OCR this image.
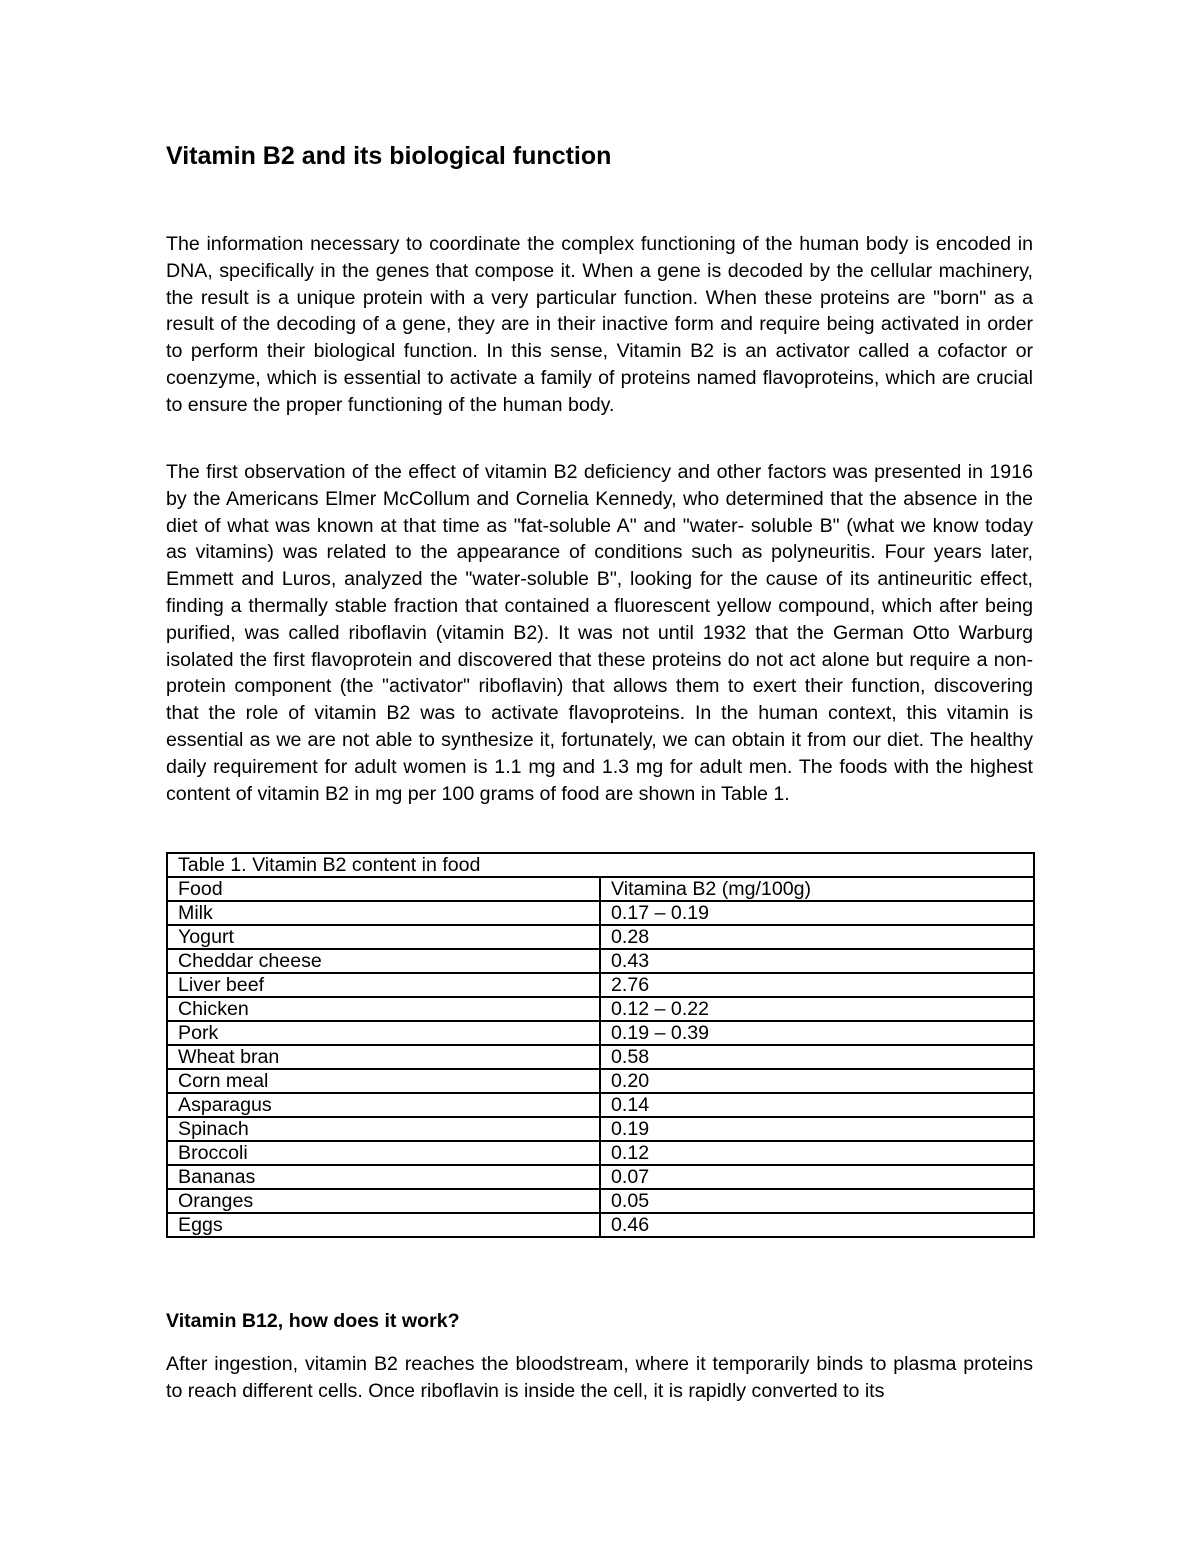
Vitamin B2 and its biological function

The information necessary to coordinate the complex functioning of the human body is encoded in DNA, specifically in the genes that compose it. When a gene is decoded by the cellular machinery, the result is a unique protein with a very particular function. When these proteins are "born" as a result of the decoding of a gene, they are in their inactive form and require being activated in order to perform their biological function. In this sense, Vitamin B2 is an activator called a cofactor or coenzyme, which is essential to activate a family of proteins named flavoproteins, which are crucial to ensure the proper functioning of the human body.

The first observation of the effect of vitamin B2 deficiency and other factors was presented in 1916 by the Americans Elmer McCollum and Cornelia Kennedy, who determined that the absence in the diet of what was known at that time as "fat-soluble A" and "water- soluble B" (what we know today as vitamins) was related to the appearance of conditions such as polyneuritis. Four years later, Emmett and Luros, analyzed the "water-soluble B", looking for the cause of its antineuritic effect, finding a thermally stable fraction that contained a fluorescent yellow compound, which after being purified, was called riboflavin (vitamin B2). It was not until 1932 that the German Otto Warburg isolated the first flavoprotein and discovered that these proteins do not act alone but require a non-protein component (the "activator" riboflavin) that allows them to exert their function, discovering that the role of vitamin B2 was to activate flavoproteins. In the human context, this vitamin is essential as we are not able to synthesize it, fortunately, we can obtain it from our diet. The healthy daily requirement for adult women is 1.1 mg and 1.3 mg for adult men. The foods with the highest content of vitamin B2 in mg per 100 grams of food are shown in Table 1.

Table 1. Vitamin B2 content in food	
Food	Vitamina B2 (mg/100g)
Milk	0.17 – 0.19
Yogurt	0.28
Cheddar cheese	0.43
Liver beef	2.76
Chicken	0.12 – 0.22
Pork	0.19 – 0.39
Wheat bran	0.58
Corn meal	0.20
Asparagus	0.14
Spinach	0.19
Broccoli	0.12
Bananas	0.07
Oranges	0.05
Eggs	0.46
Vitamin B12, how does it work?

After ingestion, vitamin B2 reaches the bloodstream, where it temporarily binds to plasma proteins to reach different cells. Once riboflavin is inside the cell, it is rapidly converted to its
